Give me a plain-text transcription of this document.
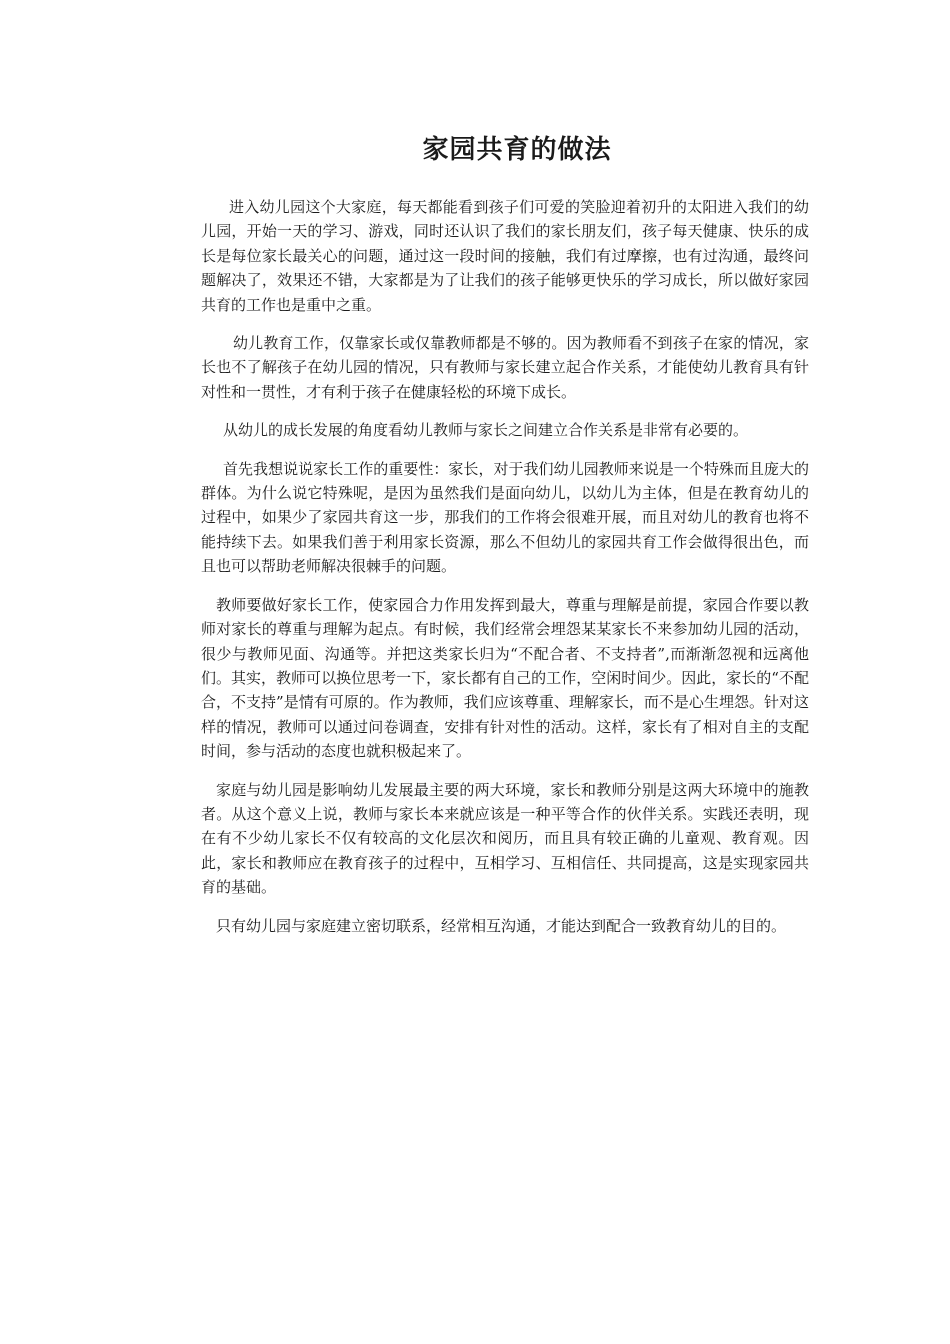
家园共育的做法

进入幼儿园这个大家庭，每天都能看到孩子们可爱的笑脸迎着初升的太阳进入我们的幼儿园，开始一天的学习、游戏，同时还认识了我们的家长朋友们，孩子每天健康、快乐的成长是每位家长最关心的问题，通过这一段时间的接触，我们有过摩擦，也有过沟通，最终问题解决了，效果还不错，大家都是为了让我们的孩子能够更快乐的学习成长，所以做好家园共育的工作也是重中之重。

幼儿教育工作，仅靠家长或仅靠教师都是不够的。因为教师看不到孩子在家的情况，家长也不了解孩子在幼儿园的情况，只有教师与家长建立起合作关系，才能使幼儿教育具有针对性和一贯性，才有利于孩子在健康轻松的环境下成长。

从幼儿的成长发展的角度看幼儿教师与家长之间建立合作关系是非常有必要的。

首先我想说说家长工作的重要性：家长，对于我们幼儿园教师来说是一个特殊而且庞大的群体。为什么说它特殊呢，是因为虽然我们是面向幼儿，以幼儿为主体，但是在教育幼儿的过程中，如果少了家园共育这一步，那我们的工作将会很难开展，而且对幼儿的教育也将不能持续下去。如果我们善于利用家长资源，那么不但幼儿的家园共育工作会做得很出色，而且也可以帮助老师解决很棘手的问题。

教师要做好家长工作，使家园合力作用发挥到最大，尊重与理解是前提，家园合作要以教师对家长的尊重与理解为起点。有时候，我们经常会埋怨某某家长不来参加幼儿园的活动，很少与教师见面、沟通等。并把这类家长归为“不配合者、不支持者”,而渐渐忽视和远离他们。其实，教师可以换位思考一下，家长都有自己的工作，空闲时间少。因此，家长的“不配合，不支持”是情有可原的。作为教师，我们应该尊重、理解家长，而不是心生埋怨。针对这样的情况，教师可以通过问卷调查，安排有针对性的活动。这样，家长有了相对自主的支配时间，参与活动的态度也就积极起来了。

家庭与幼儿园是影响幼儿发展最主要的两大环境，家长和教师分别是这两大环境中的施教者。从这个意义上说，教师与家长本来就应该是一种平等合作的伙伴关系。实践还表明，现在有不少幼儿家长不仅有较高的文化层次和阅历，而且具有较正确的儿童观、教育观。因此，家长和教师应在教育孩子的过程中，互相学习、互相信任、共同提高，这是实现家园共育的基础。

只有幼儿园与家庭建立密切联系，经常相互沟通，才能达到配合一致教育幼儿的目的。
